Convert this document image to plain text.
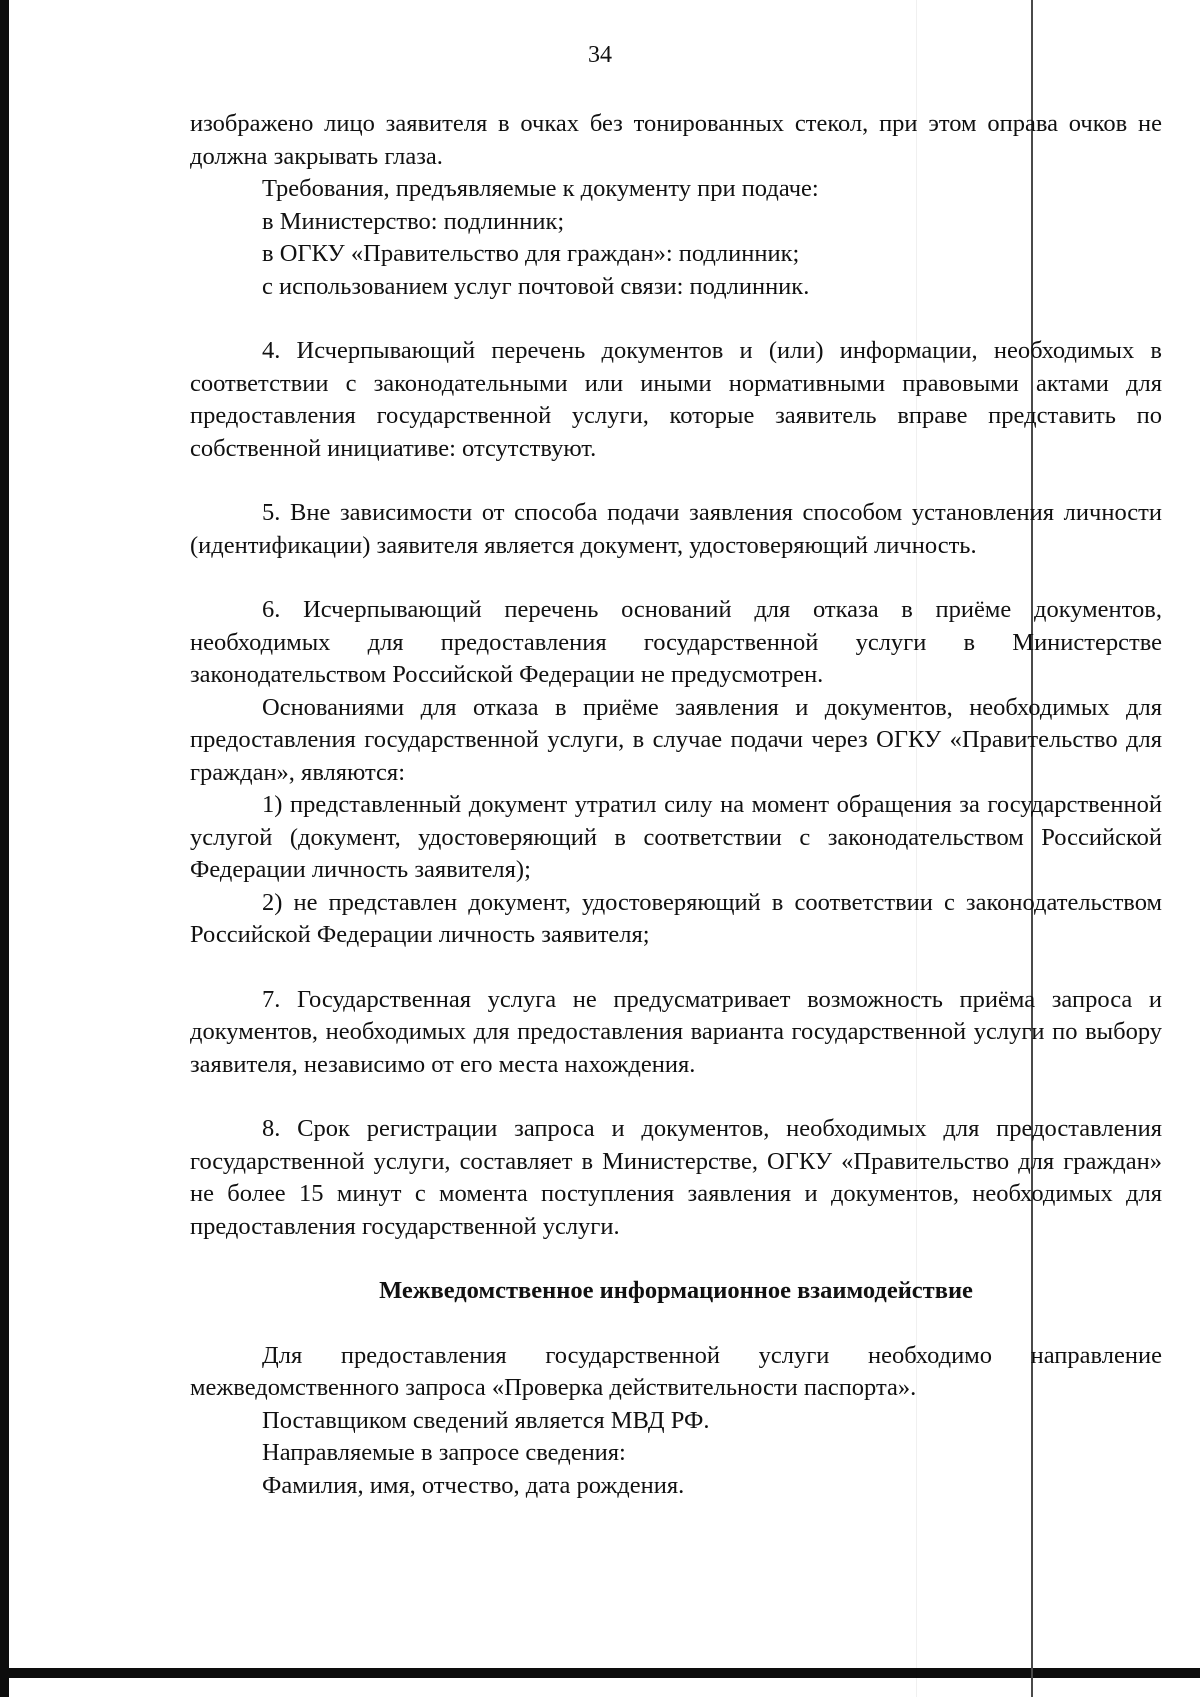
34

изображено лицо заявителя в очках без тонированных стекол, при этом оправа очков не должна закрывать глаза.

Требования, предъявляемые к документу при подаче:

в Министерство: подлинник;

в ОГКУ «Правительство для граждан»: подлинник;

с использованием услуг почтовой связи: подлинник.

4. Исчерпывающий перечень документов и (или) информации, необходимых в соответствии с законодательными или иными нормативными правовыми актами для предоставления государственной услуги, которые заявитель вправе представить по собственной инициативе: отсутствуют.

5. Вне зависимости от способа подачи заявления способом установления личности (идентификации) заявителя является документ, удостоверяющий личность.

6. Исчерпывающий перечень оснований для отказа в приёме документов, необходимых для предоставления государственной услуги в Министерстве законодательством Российской Федерации не предусмотрен.

Основаниями для отказа в приёме заявления и документов, необходимых для предоставления государственной услуги, в случае подачи через ОГКУ «Правительство для граждан», являются:

1) представленный документ утратил силу на момент обращения за государственной услугой (документ, удостоверяющий в соответствии с законодательством Российской Федерации личность заявителя);

2) не представлен документ, удостоверяющий в соответствии с законодательством Российской Федерации личность заявителя;

7. Государственная услуга не предусматривает возможность приёма запроса и документов, необходимых для предоставления варианта государственной услуги по выбору заявителя, независимо от его места нахождения.

8. Срок регистрации запроса и документов, необходимых для предоставления государственной услуги, составляет в Министерстве, ОГКУ «Правительство для граждан» не более 15 минут с момента поступления заявления и документов, необходимых для предоставления государственной услуги.

Межведомственное информационное взаимодействие

Для предоставления государственной услуги необходимо направление межведомственного запроса «Проверка действительности паспорта».

Поставщиком сведений является МВД РФ.

Направляемые в запросе сведения:

Фамилия, имя, отчество, дата рождения.
